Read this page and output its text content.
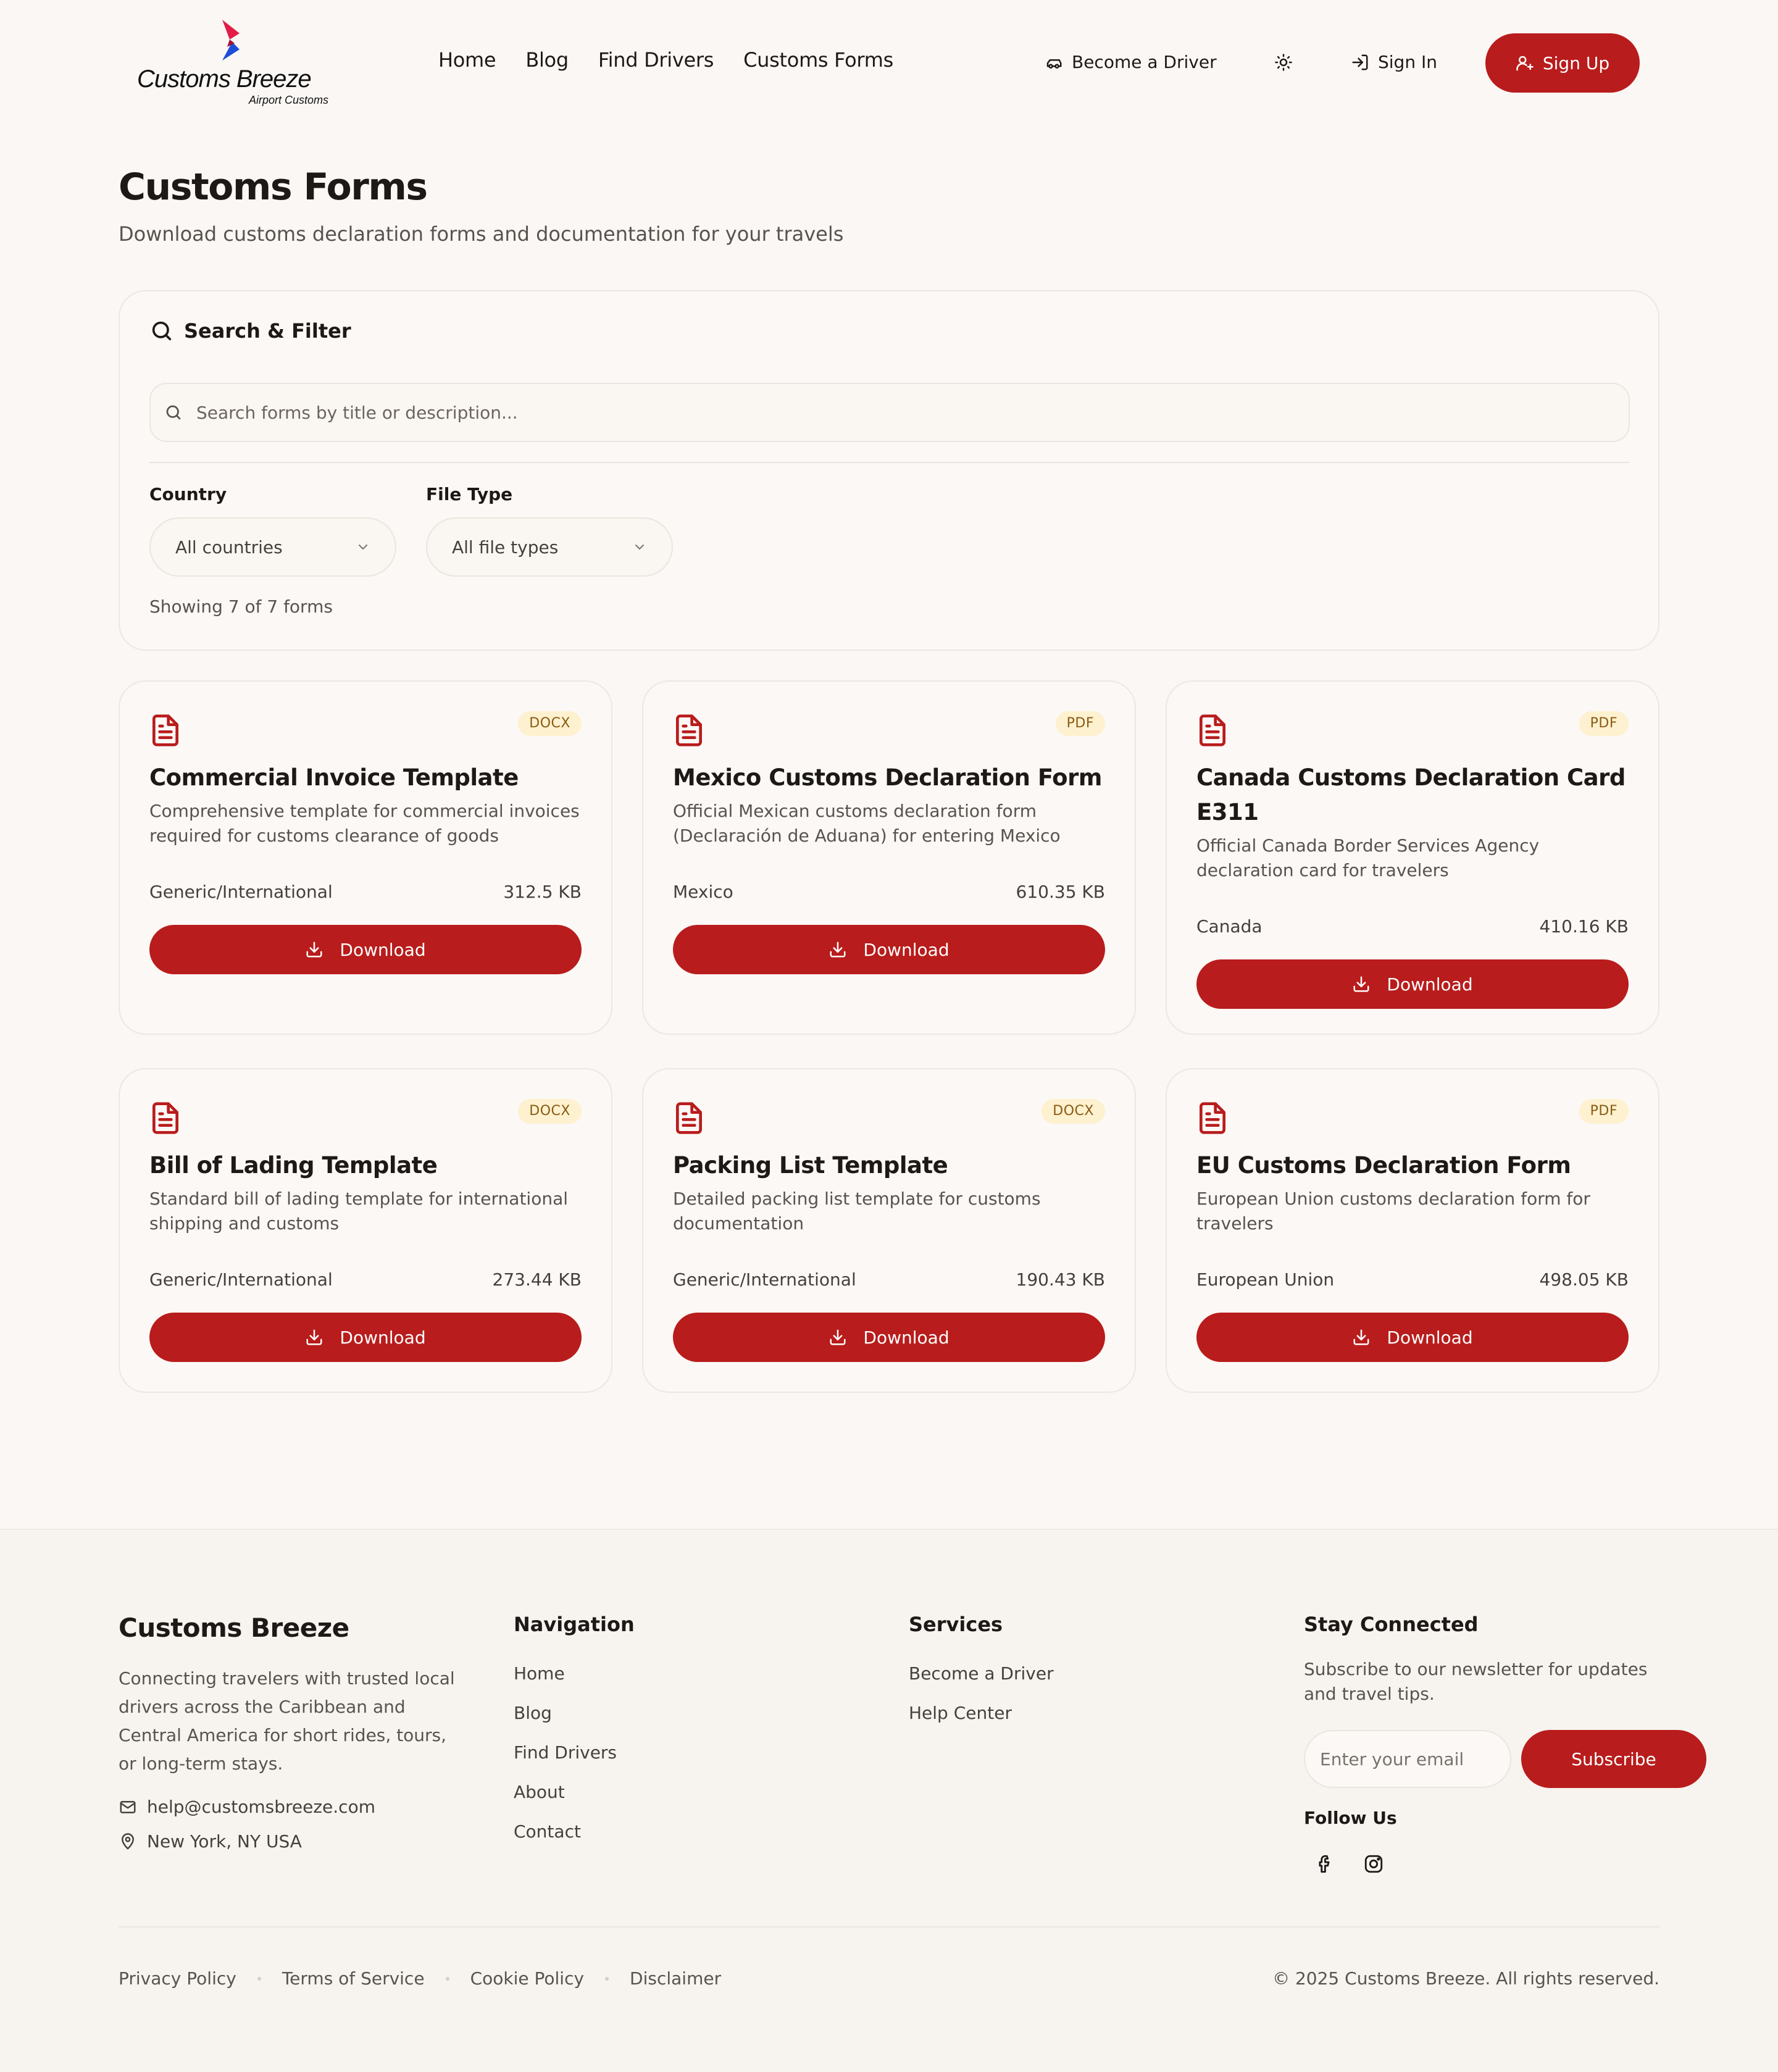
Customs Breeze
Airport Customs
Home Blog Find Drivers Customs Forms	Become a Driver	Sign In	Sign Up
Customs Forms

Download customs declaration forms and documentation for your travels

Search & Filter
Search forms by title or description...
Country
All countries
File Type
All file types
Showing 7 of 7 forms
DOCX
Commercial Invoice Template

Comprehensive template for commercial invoices required for customs clearance of goods

Generic/International	312.5 KB
Download
PDF
Mexico Customs Declaration Form

Official Mexican customs declaration form (Declaración de Aduana) for entering Mexico

Mexico	610.35 KB
Download
PDF
Canada Customs Declaration Card E311

Official Canada Border Services Agency declaration card for travelers

Canada	410.16 KB
Download
DOCX
Bill of Lading Template

Standard bill of lading template for international shipping and customs

Generic/International	273.44 KB
Download
DOCX
Packing List Template

Detailed packing list template for customs documentation

Generic/International	190.43 KB
Download
PDF
EU Customs Declaration Form

European Union customs declaration form for travelers

European Union	498.05 KB
Download
Customs Breeze

Connecting travelers with trusted local drivers across the Caribbean and Central America for short rides, tours, or long-term stays.

help@customsbreeze.com
New York, NY USA
Navigation
Home
Blog
Find Drivers
About
Contact
Services
Become a Driver
Help Center
Stay Connected

Subscribe to our newsletter for updates and travel tips.

Enter your email
Subscribe
Follow Us
Privacy Policy	Terms of Service	Cookie Policy	Disclaimer	© 2025 Customs Breeze. All rights reserved.
